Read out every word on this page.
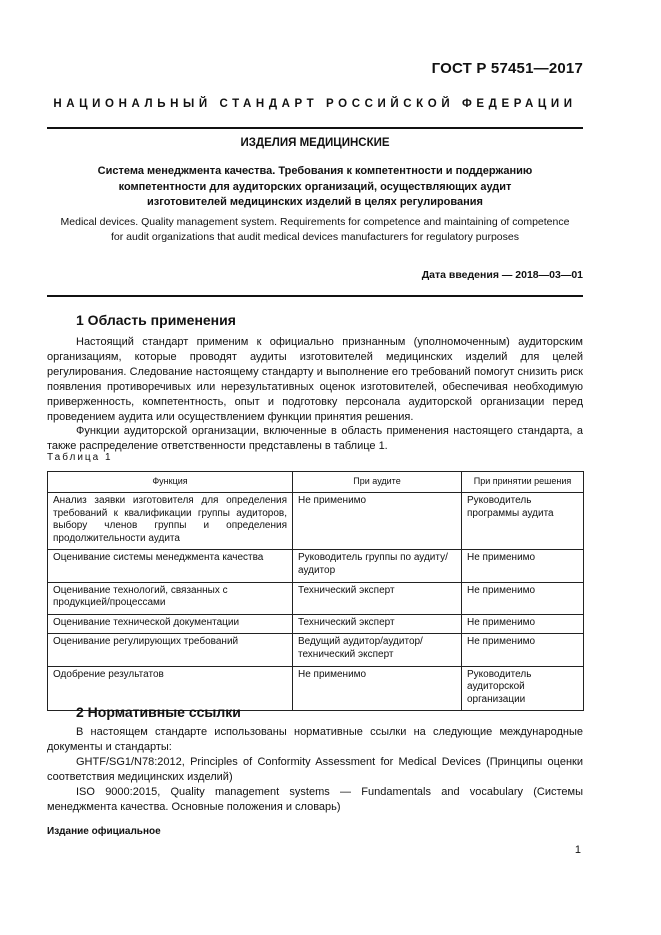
ГОСТ Р 57451—2017
НАЦИОНАЛЬНЫЙ СТАНДАРТ РОССИЙСКОЙ ФЕДЕРАЦИИ
ИЗДЕЛИЯ МЕДИЦИНСКИЕ
Система менеджмента качества. Требования к компетентности и поддержанию
компетентности для аудиторских организаций, осуществляющих аудит
изготовителей медицинских изделий в целях регулирования
Medical devices. Quality management system. Requirements for competence and maintaining of competence
for audit organizations that audit medical devices manufacturers for regulatory purposes
Дата введения — 2018—03—01
1 Область применения

Настоящий стандарт применим к официально признанным (уполномоченным) аудиторским организациям, которые проводят аудиты изготовителей медицинских изделий для целей регулирования. Следование настоящему стандарту и выполнение его требований помогут снизить риск появления противоречивых или нерезультативных оценок изготовителей, обеспечивая необходимую приверженность, компетентность, опыт и подготовку персонала аудиторской организации перед проведением аудита или осуществлением функции принятия решения.

Функции аудиторской организации, включенные в область применения настоящего стандарта, а также распределение ответственности представлены в таблице 1.

Таблица 1
Функция	При аудите	При принятии решения
Анализ заявки изготовителя для определения требований к квалификации группы аудиторов, выбору членов группы и определения продолжительности аудита	Не применимо	Руководитель программы аудита
Оценивание системы менеджмента качества	Руководитель группы по аудиту/аудитор	Не применимо
Оценивание технологий, связанных с продукцией/процессами	Технический эксперт	Не применимо
Оценивание технической документации	Технический эксперт	Не применимо
Оценивание регулирующих требований	Ведущий аудитор/аудитор/технический эксперт	Не применимо
Одобрение результатов	Не применимо	Руководитель аудиторской организации
2 Нормативные ссылки

В настоящем стандарте использованы нормативные ссылки на следующие международные документы и стандарты:

GHTF/SG1/N78:2012, Principles of Conformity Assessment for Medical Devices (Принципы оценки соответствия медицинских изделий)

ISO 9000:2015, Quality management systems — Fundamentals and vocabulary (Системы менеджмента качества. Основные положения и словарь)

Издание официальное
1
